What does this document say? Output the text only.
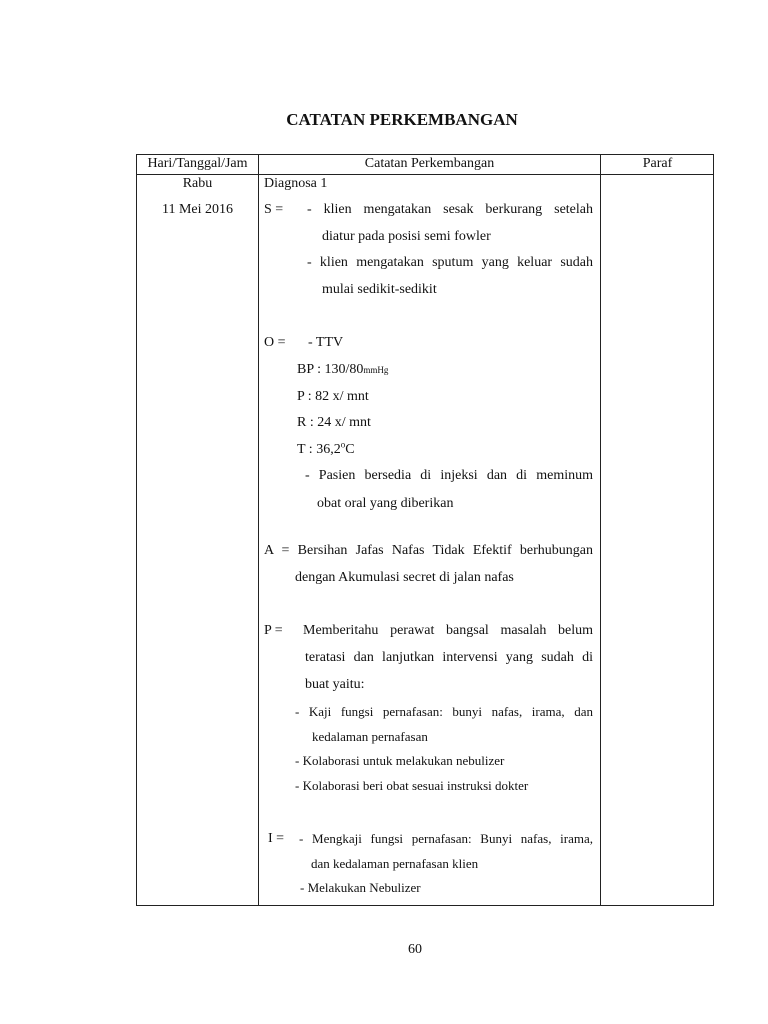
CATATAN PERKEMBANGAN
Hari/Tanggal/Jam	Catatan Perkembangan	Paraf
Rabu
11 Mei 2016
Diagnosa 1
S = - klien mengatakan sesak berkurang setelah
diatur pada posisi semi fowler
- klien mengatakan sputum yang keluar sudah
mulai sedikit-sedikit
O = - TTV
BP : 130/80mmHg
P : 82 x/ mnt
R : 24 x/ mnt
T : 36,2$^o$C
- Pasien bersedia di injeksi dan di meminum
obat oral yang diberikan
A = Bersihan Jafas Nafas Tidak Efektif berhubungan
dengan Akumulasi secret di jalan nafas
P = Memberitahu perawat bangsal masalah belum
teratasi dan lanjutkan intervensi yang sudah di
buat yaitu:
- Kaji fungsi pernafasan: bunyi nafas, irama, dan
kedalaman pernafasan
- Kolaborasi untuk melakukan nebulizer
- Kolaborasi beri obat sesuai instruksi dokter
I = - Mengkaji fungsi pernafasan: Bunyi nafas, irama,
dan kedalaman pernafasan klien
- Melakukan Nebulizer
60
